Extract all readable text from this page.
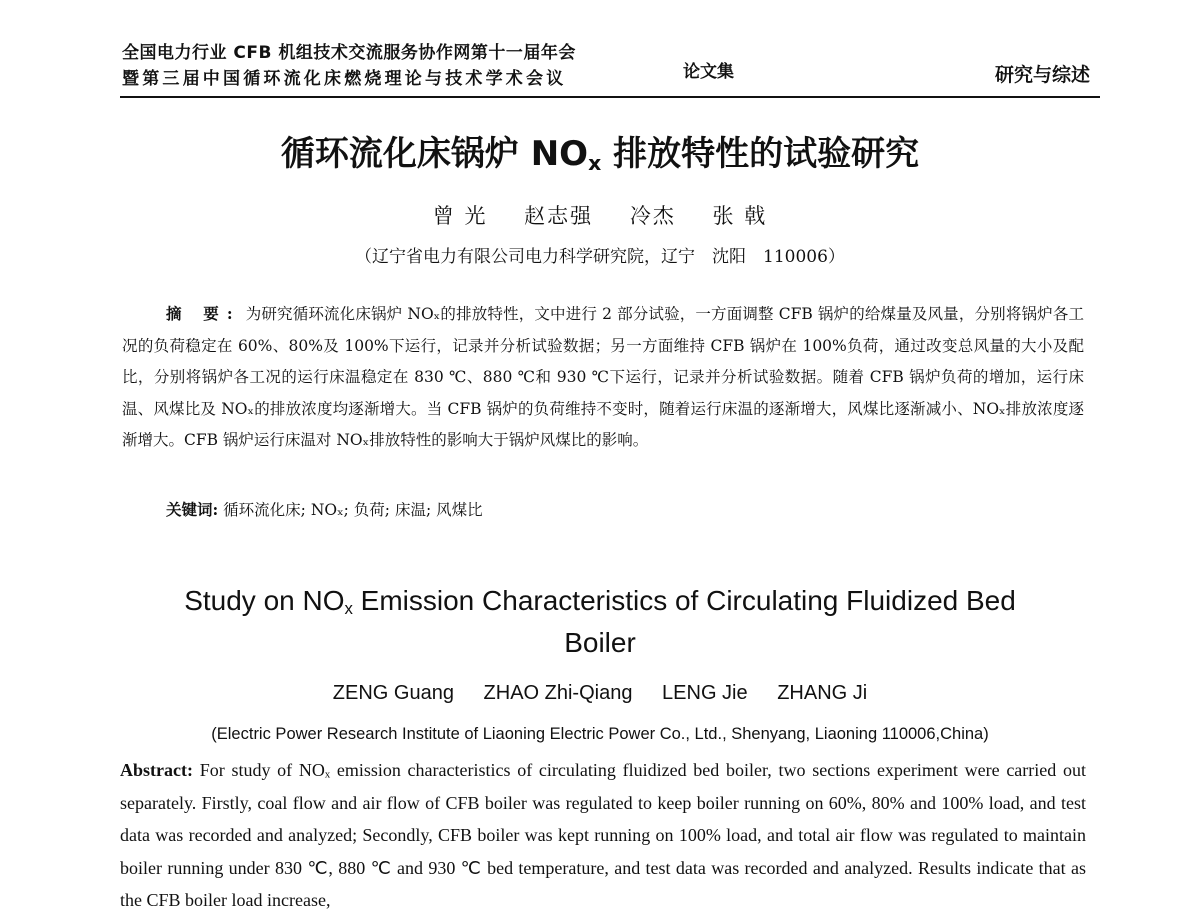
全国电力行业 CFB 机组技术交流服务协作网第十一届年会
暨第三届中国循环流化床燃烧理论与技术学术会议	论文集	研究与综述
循环流化床锅炉 $NO_x$ 排放特性的试验研究
曾 光 赵志强 冷杰 张 戟
（辽宁省电力有限公司电力科学研究院，辽宁　沈阳　110006）
摘 要: 为研究循环流化床锅炉 NOₓ的排放特性，文中进行 2 部分试验，一方面调整 CFB 锅炉的给煤量及风量，分别将锅炉各工况的负荷稳定在 60%、80%及 100%下运行，记录并分析试验数据；另一方面维持 CFB 锅炉在 100%负荷，通过改变总风量的大小及配比，分别将锅炉各工况的运行床温稳定在 830 ℃、880 ℃和 930 ℃下运行，记录并分析试验数据。随着 CFB 锅炉负荷的增加，运行床温、风煤比及 NOₓ的排放浓度均逐渐增大。当 CFB 锅炉的负荷维持不变时，随着运行床温的逐渐增大，风煤比逐渐减小、NOₓ排放浓度逐渐增大。CFB 锅炉运行床温对 NOₓ排放特性的影响大于锅炉风煤比的影响。
关键词: 循环流化床; NOₓ; 负荷; 床温; 风煤比
Study on $NO_x$ Emission Characteristics of Circulating Fluidized Bed
Boiler
ZENG Guang ZHAO Zhi-Qiang LENG Jie ZHANG Ji
(Electric Power Research Institute of Liaoning Electric Power Co., Ltd., Shenyang, Liaoning 110006,China)
Abstract: For study of NOₓ emission characteristics of circulating fluidized bed boiler, two sections experiment were carried out separately. Firstly, coal flow and air flow of CFB boiler was regulated to keep boiler running on 60%, 80% and 100% load, and test data was recorded and analyzed; Secondly, CFB boiler was kept running on 100% load, and total air flow was regulated to maintain boiler running under 830 ℃, 880 ℃ and 930 ℃ bed temperature, and test data was recorded and analyzed. Results indicate that as the CFB boiler load increase,
